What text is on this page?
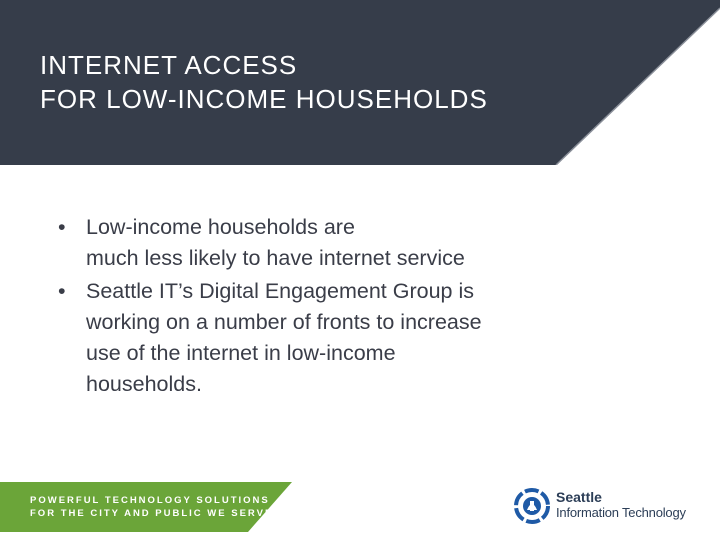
INTERNET ACCESS
FOR LOW-INCOME HOUSEHOLDS
• Low-income households are
much less likely to have internet service
• Seattle IT’s Digital Engagement Group is
working on a number of fronts to increase
use of the internet in low-income
households.
POWERFUL TECHNOLOGY SOLUTIONS
FOR THE CITY AND PUBLIC WE SERVE
Seattle
Information Technology
